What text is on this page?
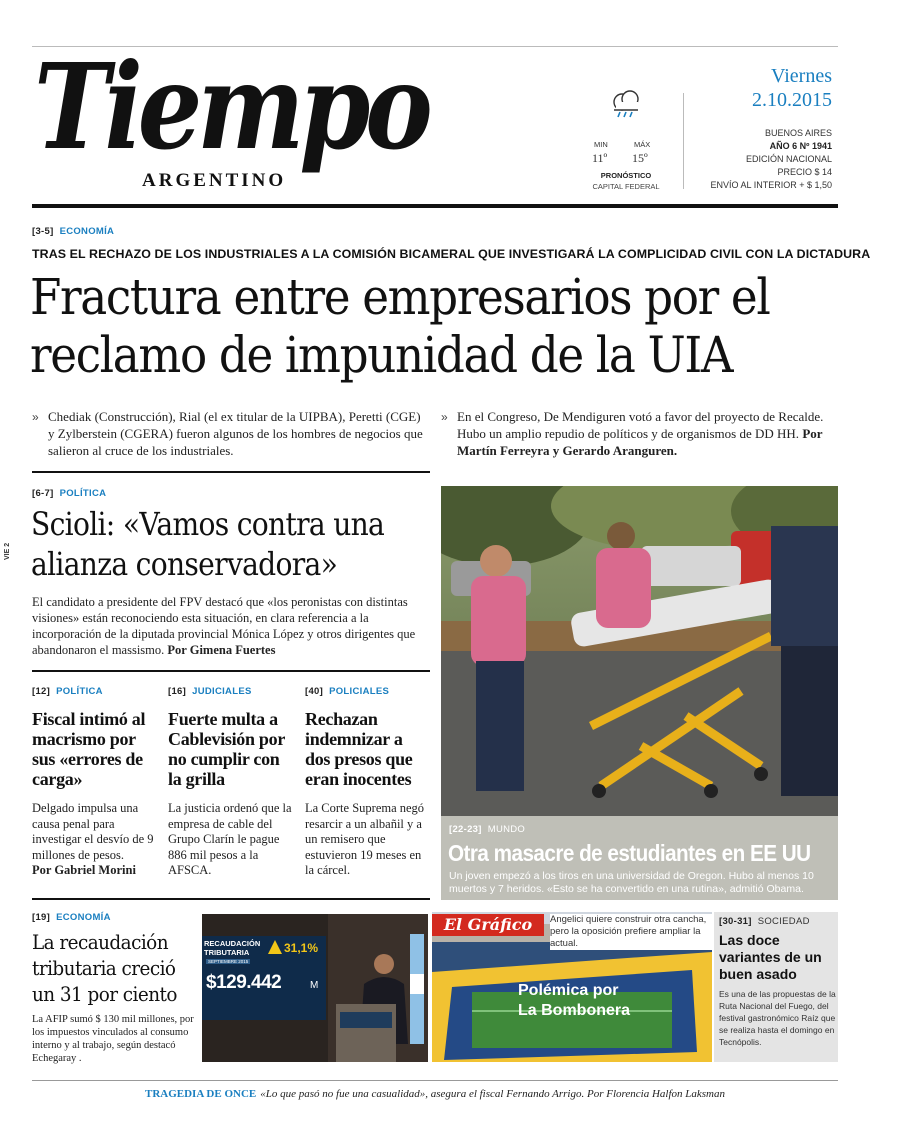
Tiempo
ARGENTINO
MIN	MÁX
11º 15º
PRONÓSTICO
CAPITAL FEDERAL
Viernes
2.10.2015
BUENOS AIRES
AÑO 6 Nº 1941
EDICIÓN NACIONAL
PRECIO $ 14
ENVÍO AL INTERIOR + $ 1,50
[3-5] ECONOMÍA
TRAS EL RECHAZO DE LOS INDUSTRIALES A LA COMISIÓN BICAMERAL QUE INVESTIGARÁ LA COMPLICIDAD CIVIL CON LA DICTADURA
Fractura entre empresarios por el
reclamo de impunidad de la UIA
» Chediak (Construcción), Rial (el ex titular de la UIPBA), Peretti (CGE) y Zylberstein (CGERA) fueron algunos de los hombres de negocios que salieron al cruce de los industriales.

» En el Congreso, De Mendiguren votó a favor del proyecto de Recalde. Hubo un amplio repudio de políticos y de organismos de DD HH. Por Martín Ferreyra y Gerardo Aranguren.

VIE 2
[6-7] POLÍTICA
Scioli: «Vamos contra una
alianza conservadora»

El candidato a presidente del FPV destacó que «los peronistas con distintas visiones» están reconociendo esta situación, en clara referencia a la incorporación de la diputada provincial Mónica López y otros dirigentes que abandonaron el massismo. Por Gimena Fuertes

[12] POLÍTICA
Fiscal intimó al macrismo por sus «errores de carga»

Delgado impulsa una causa penal para investigar el desvío de 9 millones de pesos.

Por Gabriel Morini

[16] JUDICIALES
Fuerte multa a Cablevisión por no cumplir con la grilla

La justicia ordenó que la empresa de cable del Grupo Clarín le pague 886 mil pesos a la AFSCA.

[40] POLICIALES
Rechazan indemnizar a dos presos que eran inocentes

La Corte Suprema negó resarcir a un albañil y a un remisero que estuvieron 19 meses en la cárcel.

[22-23] MUNDO
Otra masacre de estudiantes en EE UU
Un joven empezó a los tiros en una universidad de Oregon. Hubo al menos 10 muertos y 7 heridos. «Esto se ha convertido en una rutina», admitió Obama.
[19] ECONOMÍA
La recaudación tributaria creció un 31 por ciento

La AFIP sumó $ 130 mil millones, por los impuestos vinculados al consumo interno y al trabajo, según destacó Echegaray .

RECAUDACIÓN
TRIBUTARIA
SEPTIEMBRE 2015
31,1%
$129.442	M
El Gráfico	Angelici quiere construir otra cancha, pero la oposición prefiere ampliar la actual.
Polémica por
La Bombonera
[30-31] SOCIEDAD
Las doce variantes de un buen asado
Es una de las propuestas de la Ruta Nacional del Fuego, del festival gastronómico Raíz que se realiza hasta el domingo en Tecnópolis.
TRAGEDIA DE ONCE «Lo que pasó no fue una casualidad», asegura el fiscal Fernando Arrigo. Por Florencia Halfon Laksman
